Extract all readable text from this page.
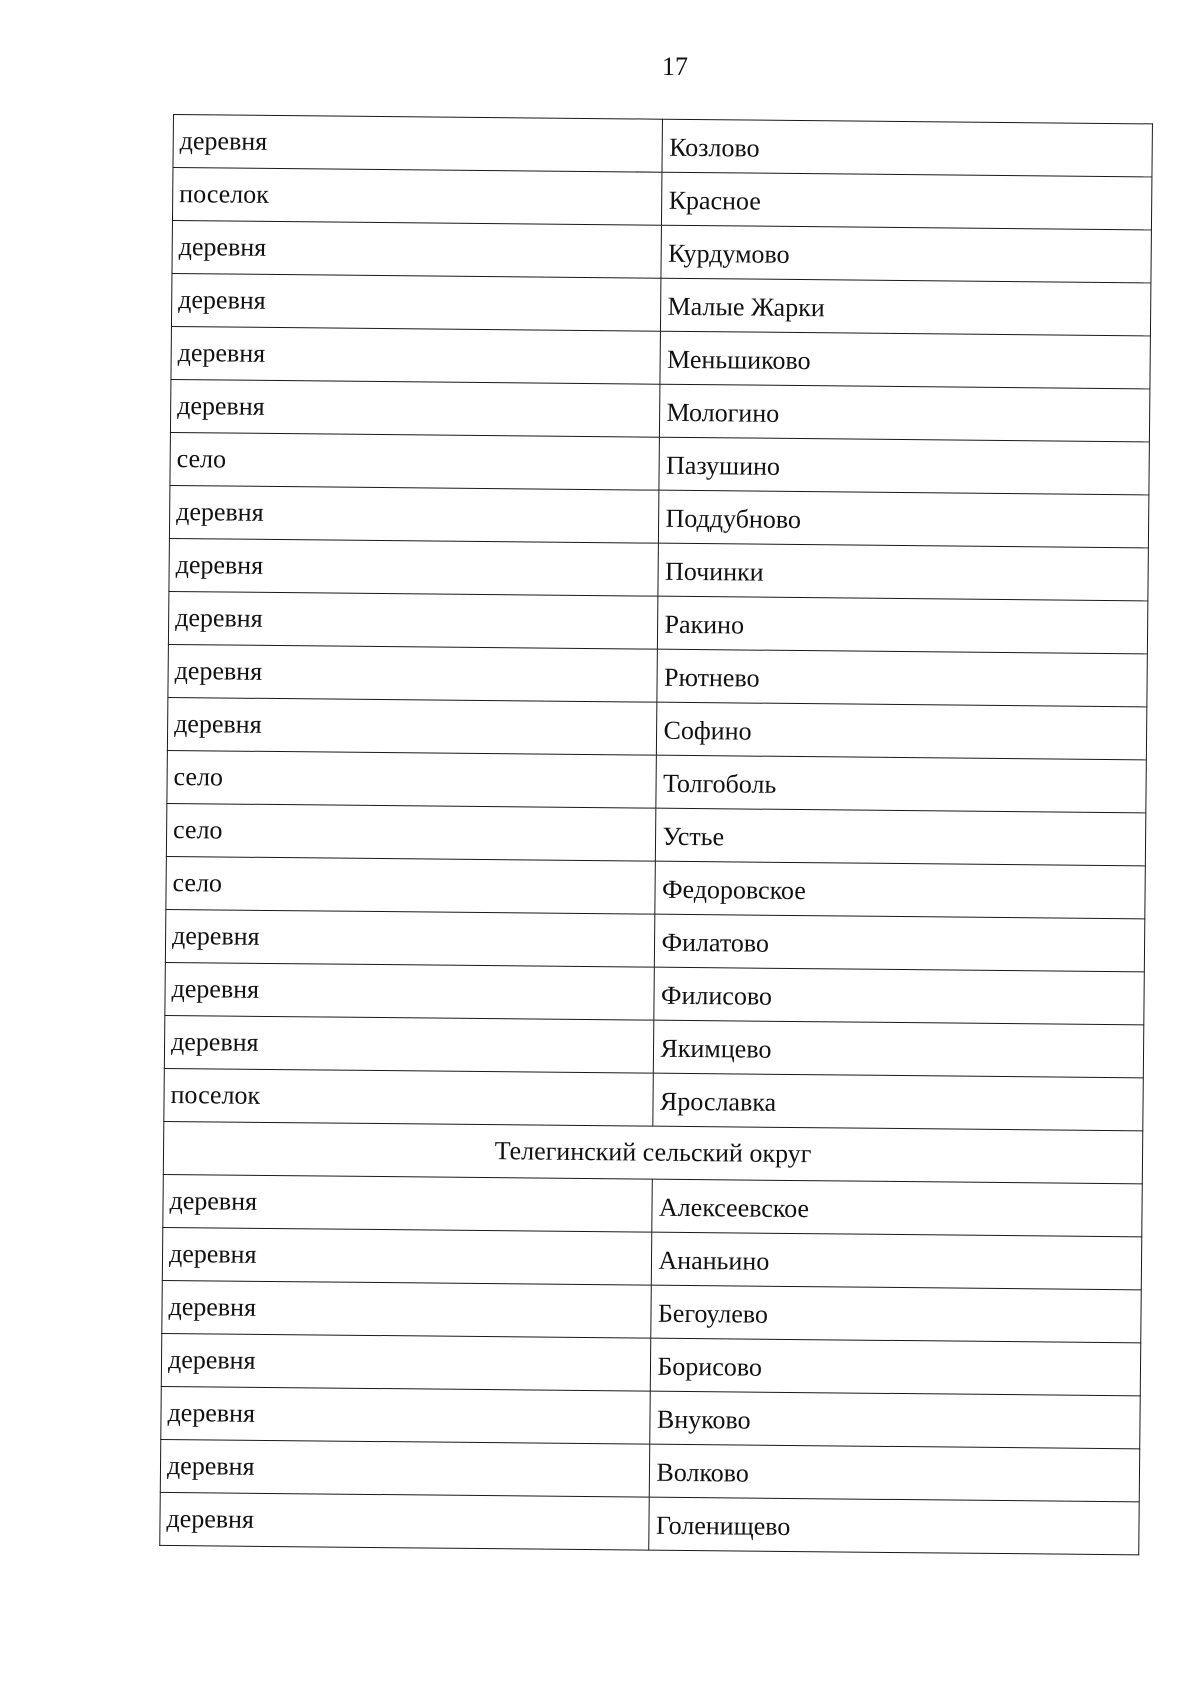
17
деревня	Козлово
поселок	Красное
деревня	Курдумово
деревня	Малые Жарки
деревня	Меньшиково
деревня	Мологино
село	Пазушино
деревня	Поддубново
деревня	Починки
деревня	Ракино
деревня	Рютнево
деревня	Софино
село	Толгоболь
село	Устье
село	Федоровское
деревня	Филатово
деревня	Филисово
деревня	Якимцево
поселок	Ярославка
Телегинский сельский округ	
деревня	Алексеевское
деревня	Ананьино
деревня	Бегоулево
деревня	Борисово
деревня	Внуково
деревня	Волково
деревня	Голенищево
